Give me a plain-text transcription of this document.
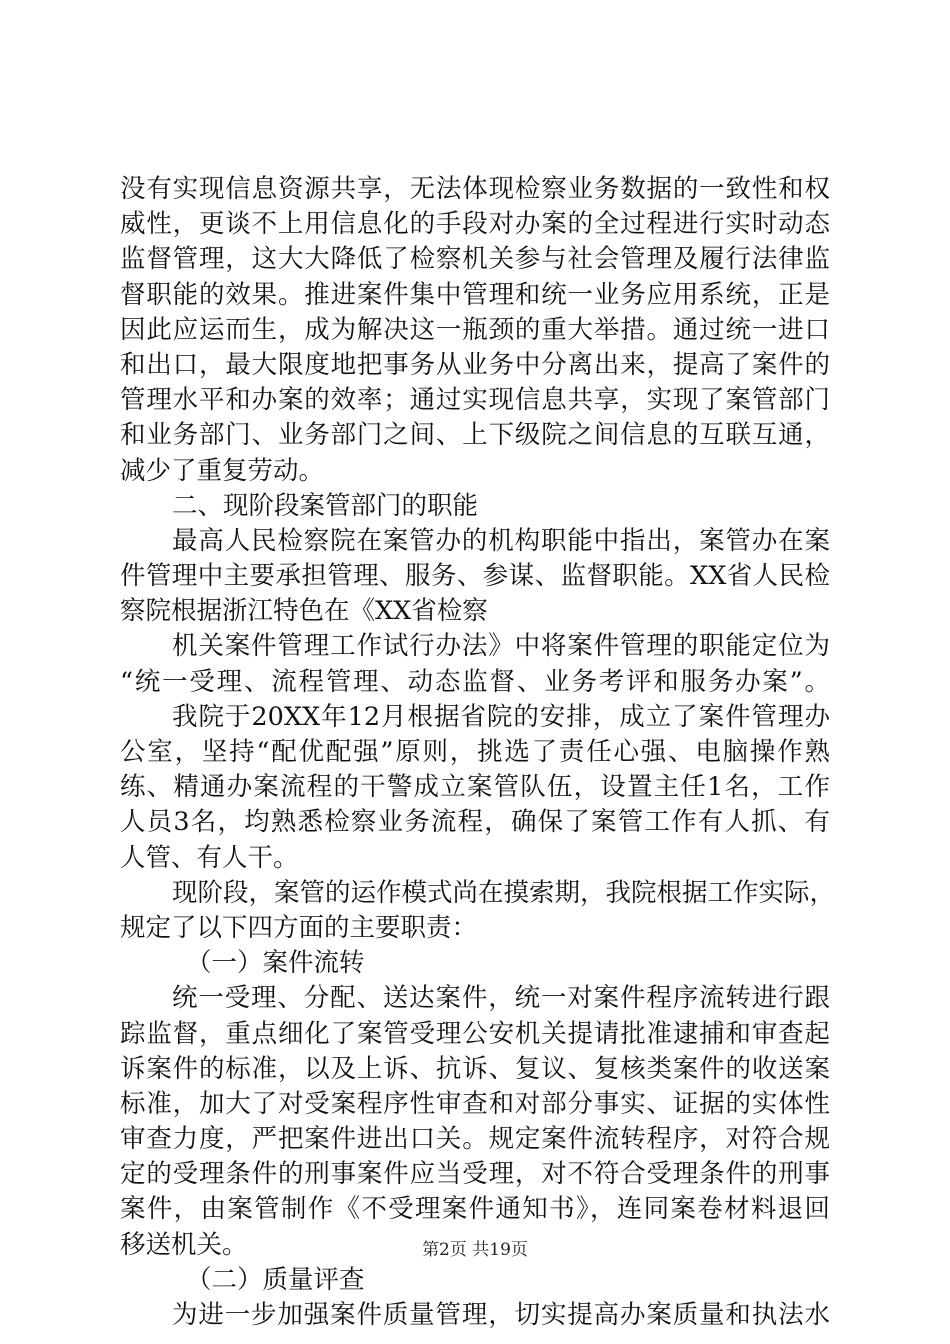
没有实现信息资源共享，无法体现检察业务数据的一致性和权
威性，更谈不上用信息化的手段对办案的全过程进行实时动态
监督管理，这大大降低了检察机关参与社会管理及履行法律监
督职能的效果。推进案件集中管理和统一业务应用系统，正是
因此应运而生，成为解决这一瓶颈的重大举措。通过统一进口
和出口，最大限度地把事务从业务中分离出来，提高了案件的
管理水平和办案的效率；通过实现信息共享，实现了案管部门
和业务部门、业务部门之间、上下级院之间信息的互联互通，
减少了重复劳动。
二、现阶段案管部门的职能
最高人民检察院在案管办的机构职能中指出，案管办在案
件管理中主要承担管理、服务、参谋、监督职能。XX省人民检
察院根据浙江特色在《XX省检察
机关案件管理工作试行办法》中将案件管理的职能定位为
“统一受理、流程管理、动态监督、业务考评和服务办案”。
我院于20XX年12月根据省院的安排，成立了案件管理办
公室，坚持“配优配强”原则，挑选了责任心强、电脑操作熟
练、精通办案流程的干警成立案管队伍，设置主任1名，工作
人员3名，均熟悉检察业务流程，确保了案管工作有人抓、有
人管、有人干。
现阶段，案管的运作模式尚在摸索期，我院根据工作实际，
规定了以下四方面的主要职责：
（一）案件流转
统一受理、分配、送达案件，统一对案件程序流转进行跟
踪监督，重点细化了案管受理公安机关提请批准逮捕和审查起
诉案件的标准，以及上诉、抗诉、复议、复核类案件的收送案
标准，加大了对受案程序性审查和对部分事实、证据的实体性
审查力度，严把案件进出口关。规定案件流转程序，对符合规
定的受理条件的刑事案件应当受理，对不符合受理条件的刑事
案件，由案管制作《不受理案件通知书》，连同案卷材料退回
移送机关。
（二）质量评查
为进一步加强案件质量管理，切实提高办案质量和执法水
第2页 共19页
